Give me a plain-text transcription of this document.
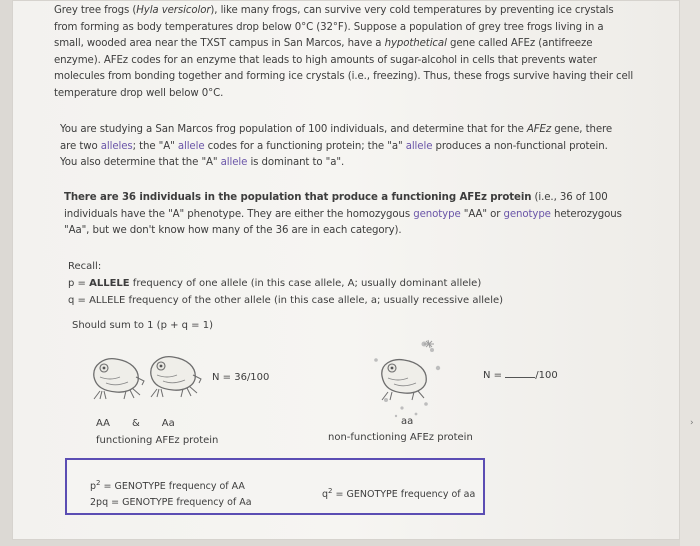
›

Grey tree frogs (Hyla versicolor), like many frogs, can survive very cold temperatures by preventing ice crystals from forming as body temperatures drop below 0°C (32°F). Suppose a population of grey tree frogs living in a small, wooded area near the TXST campus in San Marcos, have a hypothetical gene called AFEz (antifreeze enzyme). AFEz codes for an enzyme that leads to high amounts of sugar-alcohol in cells that prevents water molecules from bonding together and forming ice crystals (i.e., freezing). Thus, these frogs survive having their cell temperature drop well below 0°C.

You are studying a San Marcos frog population of 100 individuals, and determine that for the AFEz gene, there are two alleles; the "A" allele codes for a functioning protein; the "a" allele produces a non-functional protein. You also determine that the "A" allele is dominant to "a".

There are 36 individuals in the population that produce a functioning AFEz protein (i.e., 36 of 100 individuals have the "A" phenotype. They are either the homozygous genotype "AA" or genotype heterozygous "Aa", but we don't know how many of the 36 are in each category).

Recall:
p = ALLELE frequency of one allele (in this case allele, A; usually dominant allele)
q = ALLELE frequency of the other allele (in this case allele, a; usually recessive allele)
Should sum to 1 (p + q = 1)
N = 36/100	N =	/100
AA & Aa
functioning AFEz protein
aa
non-functioning AFEz protein
$p^2$ = GENOTYPE frequency of AA
2pq = GENOTYPE frequency of Aa
$q^2$ = GENOTYPE frequency of aa
